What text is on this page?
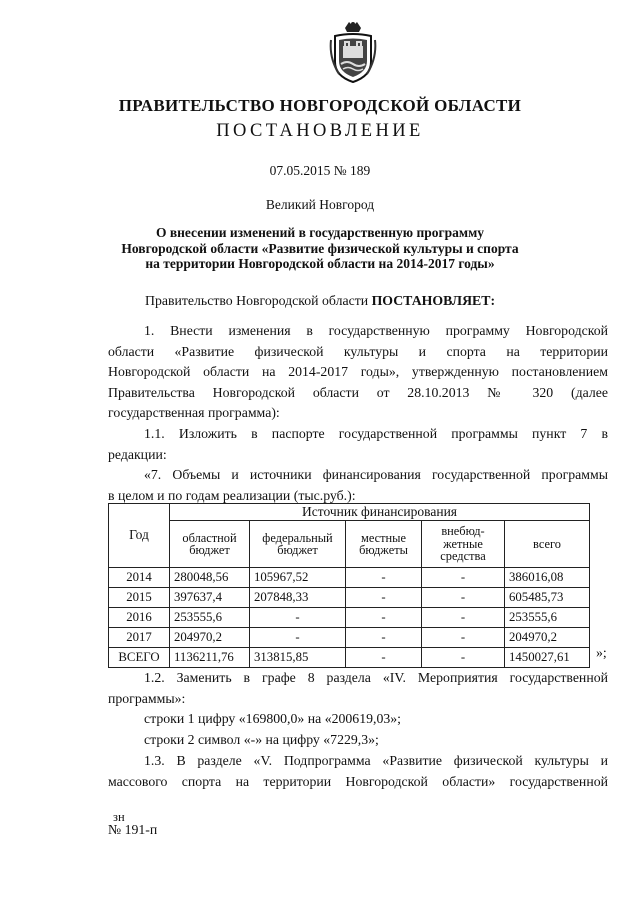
ПРАВИТЕЛЬСТВО НОВГОРОДСКОЙ ОБЛАСТИ
ПОСТАНОВЛЕНИЕ
07.05.2015 № 189
Великий Новгород
О внесении изменений в государственную программу
Новгородской области «Развитие физической культуры и спорта
на территории Новгородской области на 2014-2017 годы»
Правительство Новгородской области ПОСТАНОВЛЯЕТ:
1. Внести изменения в государственную программу Новгородской
области «Развитие физической культуры и спорта на территории
Новгородской области на 2014-2017 годы», утвержденную постановлением
Правительства Новгородской области от 28.10.2013 № 320 (далее
государственная программа):
1.1. Изложить в паспорте государственной программы пункт 7 в
редакции:
«7. Объемы и источники финансирования государственной программы
в целом и по годам реализации (тыс.руб.):
Год	Источник финансирования				
	областной бюджет	федеральный бюджет	местные бюджеты	внебюд-жетные средства	всего
2014	280048,56	105967,52	-	-	386016,08
2015	397637,4	207848,33	-	-	605485,73
2016	253555,6	-	-	-	253555,6
2017	204970,2	-	-	-	204970,2
ВСЕГО	1136211,76	313815,85	-	-	1450027,61 »;
1.2. Заменить в графе 8 раздела «IV. Мероприятия государственной
программы»:
строки 1 цифру «169800,0» на «200619,03»;
строки 2 символ «-» на цифру «7229,3»;
1.3. В разделе «V. Подпрограмма «Развитие физической культуры и
массового спорта на территории Новгородской области» государственной
зн
№ 191-п
